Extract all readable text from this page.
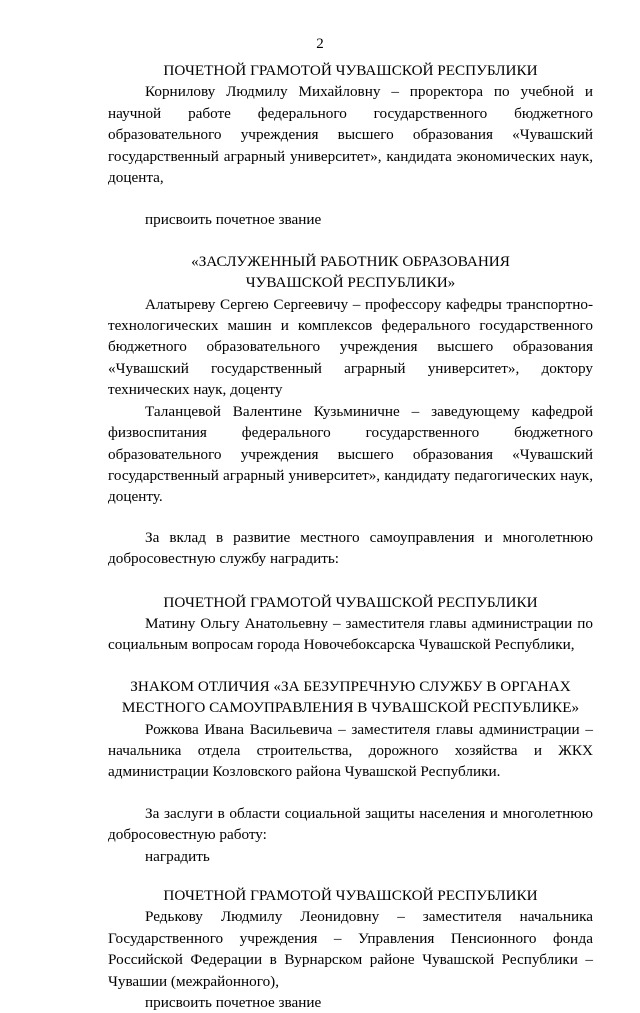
2

ПОЧЕТНОЙ ГРАМОТОЙ ЧУВАШСКОЙ РЕСПУБЛИКИ

Корнилову Людмилу Михайловну – проректора по учебной и научной работе федерального государственного бюджетного образовательного учреждения высшего образования «Чувашский государственный аграрный университет», кандидата экономических наук, доцента,

присвоить почетное звание

«ЗАСЛУЖЕННЫЙ РАБОТНИК ОБРАЗОВАНИЯ
ЧУВАШСКОЙ РЕСПУБЛИКИ»

Алатыреву Сергею Сергеевичу – профессору кафедры транспортно-технологических машин и комплексов федерального государственного бюджетного образовательного учреждения высшего образования «Чувашский государственный аграрный университет», доктору технических наук, доценту

Таланцевой Валентине Кузьминичне – заведующему кафедрой физвоспитания федерального государственного бюджетного образовательного учреждения высшего образования «Чувашский государственный аграрный университет», кандидату педагогических наук, доценту.

За вклад в развитие местного самоуправления и многолетнюю добросовестную службу наградить:

ПОЧЕТНОЙ ГРАМОТОЙ ЧУВАШСКОЙ РЕСПУБЛИКИ

Матину Ольгу Анатольевну – заместителя главы администрации по социальным вопросам города Новочебоксарска Чувашской Республики,

ЗНАКОМ ОТЛИЧИЯ «ЗА БЕЗУПРЕЧНУЮ СЛУЖБУ В ОРГАНАХ
МЕСТНОГО САМОУПРАВЛЕНИЯ В ЧУВАШСКОЙ РЕСПУБЛИКЕ»

Рожкова Ивана Васильевича – заместителя главы администрации – начальника отдела строительства, дорожного хозяйства и ЖКХ администрации Козловского района Чувашской Республики.

За заслуги в области социальной защиты населения и многолетнюю добросовестную работу:

наградить

ПОЧЕТНОЙ ГРАМОТОЙ ЧУВАШСКОЙ РЕСПУБЛИКИ

Редькову Людмилу Леонидовну – заместителя начальника Государственного учреждения – Управления Пенсионного фонда Российской Федерации в Вурнарском районе Чувашской Республики – Чувашии (межрайонного),

присвоить почетное звание
